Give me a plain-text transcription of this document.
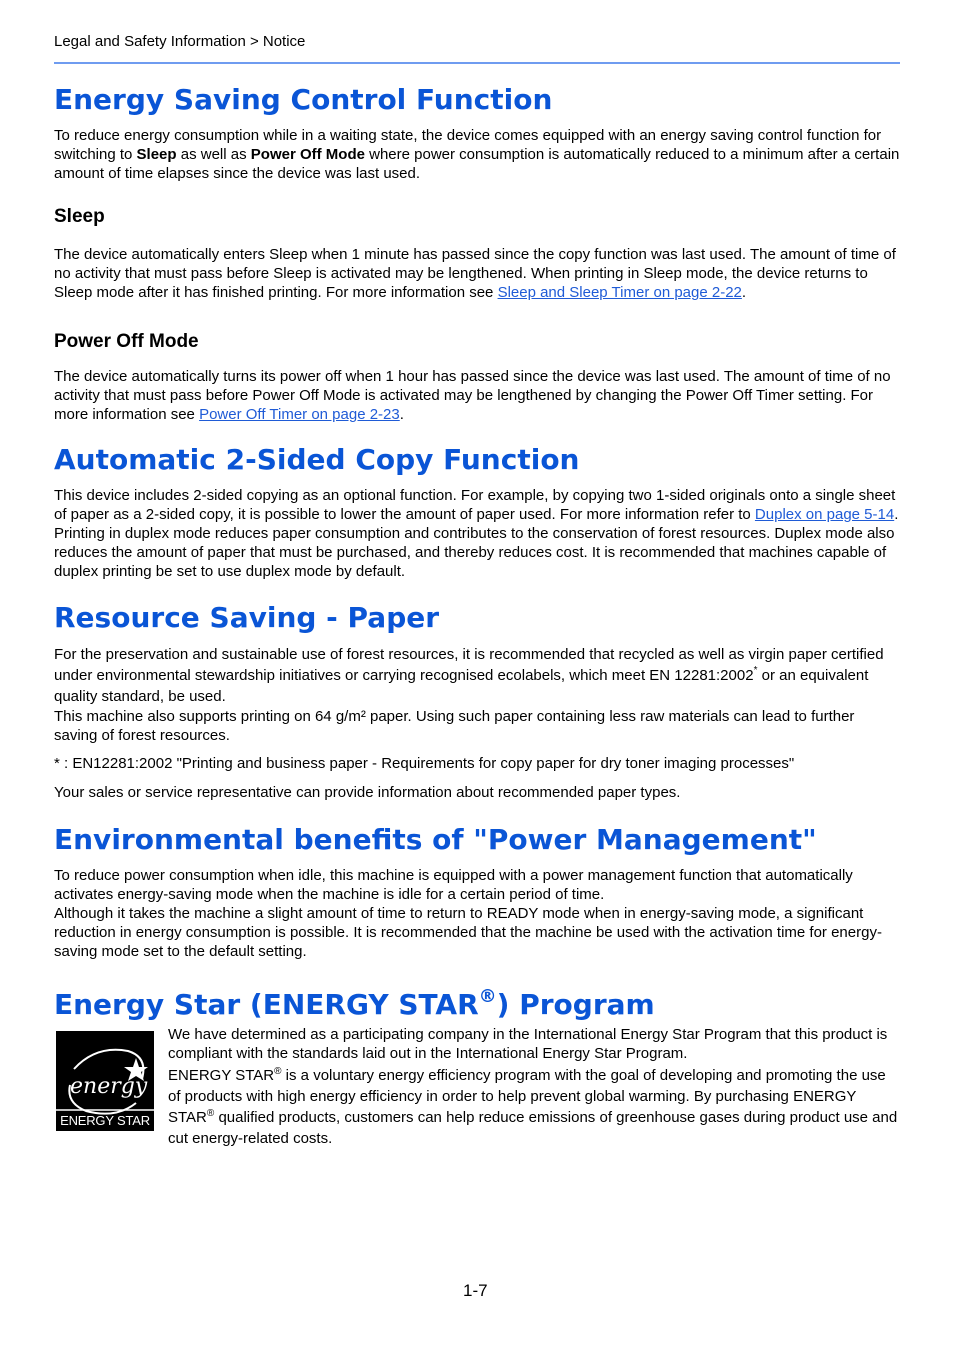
Legal and Safety Information > Notice
Energy Saving Control Function

To reduce energy consumption while in a waiting state, the device comes equipped with an energy saving control function for switching to Sleep as well as Power Off Mode where power consumption is automatically reduced to a minimum after a certain amount of time elapses since the device was last used.

Sleep

The device automatically enters Sleep when 1 minute has passed since the copy function was last used. The amount of time of no activity that must pass before Sleep is activated may be lengthened. When printing in Sleep mode, the device returns to Sleep mode after it has finished printing. For more information see Sleep and Sleep Timer on page 2-22.

Power Off Mode

The device automatically turns its power off when 1 hour has passed since the device was last used. The amount of time of no activity that must pass before Power Off Mode is activated may be lengthened by changing the Power Off Timer setting. For more information see Power Off Timer on page 2-23.

Automatic 2-Sided Copy Function

This device includes 2-sided copying as an optional function. For example, by copying two 1-sided originals onto a single sheet of paper as a 2-sided copy, it is possible to lower the amount of paper used. For more information refer to Duplex on page 5-14.

Printing in duplex mode reduces paper consumption and contributes to the conservation of forest resources. Duplex mode also reduces the amount of paper that must be purchased, and thereby reduces cost. It is recommended that machines capable of duplex printing be set to use duplex mode by default.

Resource Saving - Paper

For the preservation and sustainable use of forest resources, it is recommended that recycled as well as virgin paper certified under environmental stewardship initiatives or carrying recognised ecolabels, which meet EN 12281:2002* or an equivalent quality standard, be used.

This machine also supports printing on 64 g/m² paper. Using such paper containing less raw materials can lead to further saving of forest resources.

* : EN12281:2002 "Printing and business paper - Requirements for copy paper for dry toner imaging processes"

Your sales or service representative can provide information about recommended paper types.

Environmental benefits of "Power Management"

To reduce power consumption when idle, this machine is equipped with a power management function that automatically activates energy-saving mode when the machine is idle for a certain period of time.

Although it takes the machine a slight amount of time to return to READY mode when in energy-saving mode, a significant reduction in energy consumption is possible. It is recommended that the machine be used with the activation time for energy-saving mode set to the default setting.

Energy Star (ENERGY STAR®) Program
energy
ENERGY STAR

We have determined as a participating company in the International Energy Star Program that this product is compliant with the standards laid out in the International Energy Star Program.

ENERGY STAR® is a voluntary energy efficiency program with the goal of developing and promoting the use of products with high energy efficiency in order to help prevent global warming. By purchasing ENERGY STAR® qualified products, customers can help reduce emissions of greenhouse gases during product use and cut energy-related costs.

1-7
